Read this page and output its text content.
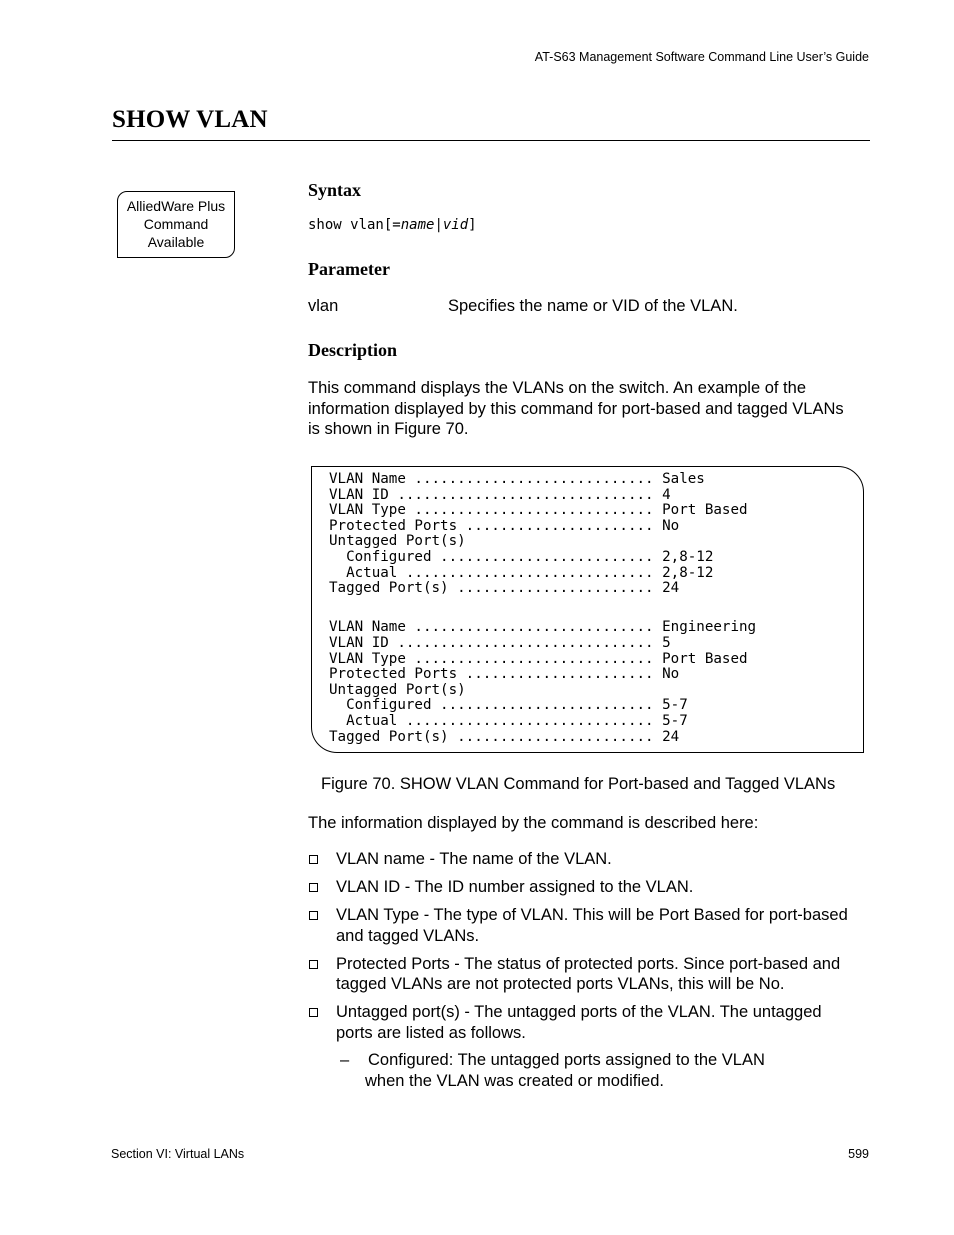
AT-S63 Management Software Command Line User’s Guide
SHOW VLAN
AlliedWare Plus
Command
Available
Syntax
show vlan[=name|vid]
Parameter
vlan	Specifies the name or VID of the VLAN.
Description
This command displays the VLANs on the switch. An example of the
information displayed by this command for port-based and tagged VLANs
is shown in Figure 70.
VLAN Name ............................ Sales
VLAN ID .............................. 4
VLAN Type ............................ Port Based
Protected Ports ...................... No
Untagged Port(s)
Configured ......................... 2,8-12
Actual ............................. 2,8-12
Tagged Port(s) ....................... 24
VLAN Name ............................ Engineering
VLAN ID .............................. 5
VLAN Type ............................ Port Based
Protected Ports ...................... No
Untagged Port(s)
Configured ......................... 5-7
Actual ............................. 5-7
Tagged Port(s) ....................... 24
Figure 70. SHOW VLAN Command for Port-based and Tagged VLANs
The information displayed by the command is described here:
VLAN name - The name of the VLAN.
VLAN ID - The ID number assigned to the VLAN.
VLAN Type - The type of VLAN. This will be Port Based for port-based
and tagged VLANs.
Protected Ports - The status of protected ports. Since port-based and
tagged VLANs are not protected ports VLANs, this will be No.
Untagged port(s) - The untagged ports of the VLAN. The untagged
ports are listed as follows.
– Configured: The untagged ports assigned to the VLAN
when the VLAN was created or modified.
Section VI: Virtual LANs	599
